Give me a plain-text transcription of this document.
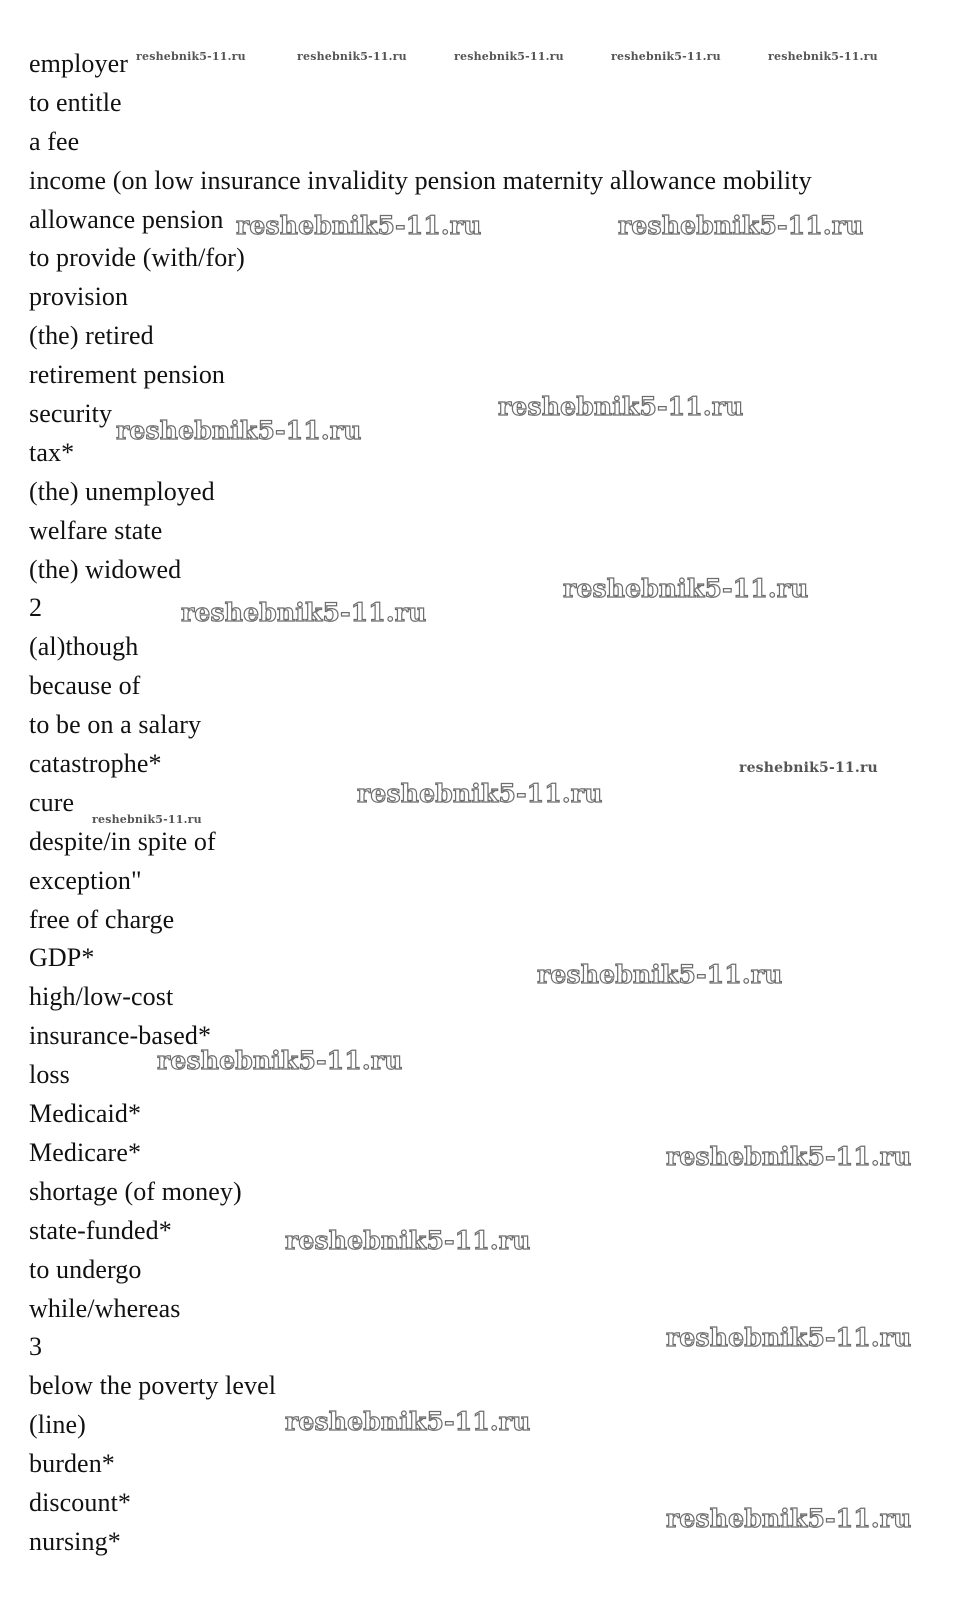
employer
to entitle
a fee
income (on low insurance invalidity pension maternity allowance mobility
allowance pension
to provide (with/for)
provision
(the) retired
retirement pension
security
tax*
(the) unemployed
welfare state
(the) widowed
2
(al)though
because of
to be on a salary
catastrophe*
cure
despite/in spite of
exception"
free of charge
GDP*
high/low-cost
insurance-based*
loss
Medicaid*
Medicare*
shortage (of money)
state-funded*
to undergo
while/whereas
3
below the poverty level
(line)
burden*
discount*
nursing*
reshebnik5-11.ru	reshebnik5-11.ru	reshebnik5-11.ru	reshebnik5-11.ru	reshebnik5-11.ru
reshebnik5-11.ru	reshebnik5-11.ru
reshebnik5-11.ru
reshebnik5-11.ru
reshebnik5-11.ru
reshebnik5-11.ru
reshebnik5-11.ru
reshebnik5-11.ru
reshebnik5-11.ru
reshebnik5-11.ru
reshebnik5-11.ru
reshebnik5-11.ru
reshebnik5-11.ru
reshebnik5-11.ru
reshebnik5-11.ru
reshebnik5-11.ru
